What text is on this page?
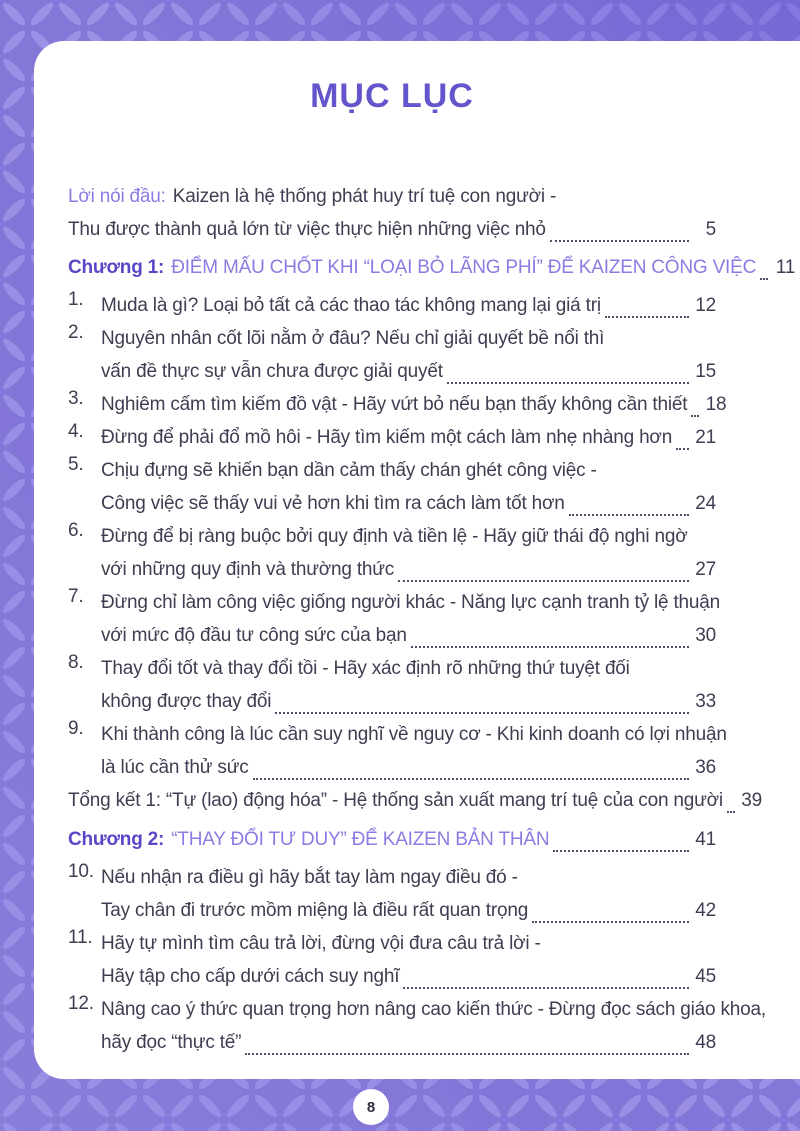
MỤC LỤC
Lời nói đầu: Kaizen là hệ thống phát huy trí tuệ con người -
Thu được thành quả lớn từ việc thực hiện những việc nhỏ	5
Chương 1: ĐIỂM MẤU CHỐT KHI “LOẠI BỎ LÃNG PHÍ” ĐỂ KAIZEN CÔNG VIỆC 11
1. Muda là gì? Loại bỏ tất cả các thao tác không mang lại giá trị	12
2. Nguyên nhân cốt lõi nằm ở đâu? Nếu chỉ giải quyết bề nổi thì
vấn đề thực sự vẫn chưa được giải quyết	15
3. Nghiêm cấm tìm kiếm đồ vật - Hãy vứt bỏ nếu bạn thấy không cần thiết 18
4. Đừng để phải đổ mồ hôi - Hãy tìm kiếm một cách làm nhẹ nhàng hơn 21
5. Chịu đựng sẽ khiến bạn dần cảm thấy chán ghét công việc -
Công việc sẽ thấy vui vẻ hơn khi tìm ra cách làm tốt hơn	24
6. Đừng để bị ràng buộc bởi quy định và tiền lệ - Hãy giữ thái độ nghi ngờ
với những quy định và thường thức	27
7. Đừng chỉ làm công việc giống người khác - Năng lực cạnh tranh tỷ lệ thuận
với mức độ đầu tư công sức của bạn	30
8. Thay đổi tốt và thay đổi tồi - Hãy xác định rõ những thứ tuyệt đối
không được thay đổi	33
9. Khi thành công là lúc cần suy nghĩ về nguy cơ - Khi kinh doanh có lợi nhuận
là lúc cần thử sức	36
Tổng kết 1: “Tự (lao) động hóa” - Hệ thống sản xuất mang trí tuệ của con người 39
Chương 2: “THAY ĐỔI TƯ DUY” ĐỂ KAIZEN BẢN THÂN	41
10. Nếu nhận ra điều gì hãy bắt tay làm ngay điều đó -
Tay chân đi trước mồm miệng là điều rất quan trọng	42
11. Hãy tự mình tìm câu trả lời, đừng vội đưa câu trả lời -
Hãy tập cho cấp dưới cách suy nghĩ	45
12. Nâng cao ý thức quan trọng hơn nâng cao kiến thức - Đừng đọc sách giáo khoa,
hãy đọc “thực tế”	48
8
